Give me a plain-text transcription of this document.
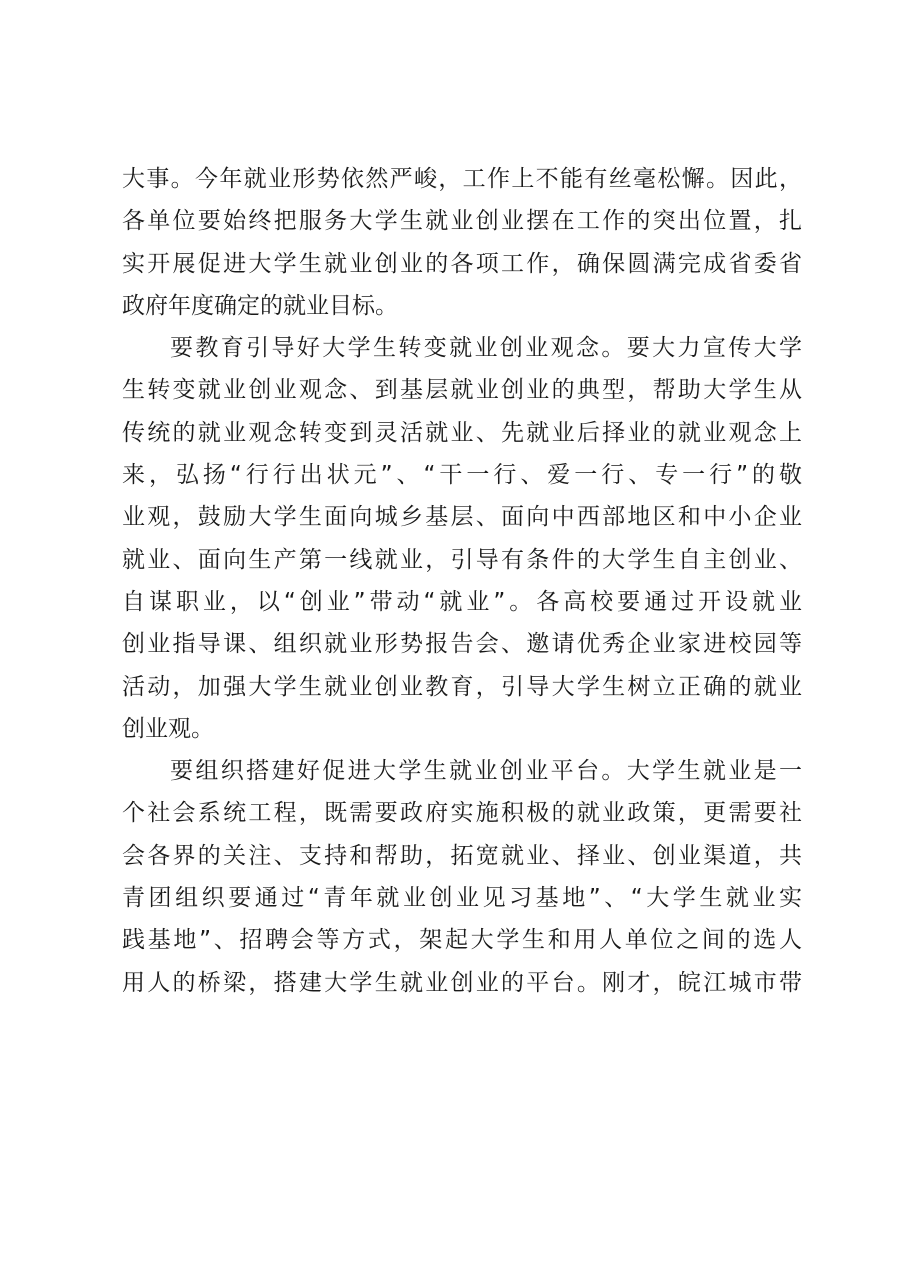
大事。今年就业形势依然严峻，工作上不能有丝毫松懈。因此，
各单位要始终把服务大学生就业创业摆在工作的突出位置，扎
实开展促进大学生就业创业的各项工作，确保圆满完成省委省
政府年度确定的就业目标。
要教育引导好大学生转变就业创业观念。要大力宣传大学
生转变就业创业观念、到基层就业创业的典型，帮助大学生从
传统的就业观念转变到灵活就业、先就业后择业的就业观念上
来，弘扬“行行出状元”、“干一行、爱一行、专一行”的敬
业观，鼓励大学生面向城乡基层、面向中西部地区和中小企业
就业、面向生产第一线就业，引导有条件的大学生自主创业、
自谋职业，以“创业”带动“就业”。各高校要通过开设就业
创业指导课、组织就业形势报告会、邀请优秀企业家进校园等
活动，加强大学生就业创业教育，引导大学生树立正确的就业
创业观。
要组织搭建好促进大学生就业创业平台。大学生就业是一
个社会系统工程，既需要政府实施积极的就业政策，更需要社
会各界的关注、支持和帮助，拓宽就业、择业、创业渠道，共
青团组织要通过“青年就业创业见习基地”、“大学生就业实
践基地”、招聘会等方式，架起大学生和用人单位之间的选人
用人的桥梁，搭建大学生就业创业的平台。刚才，皖江城市带
